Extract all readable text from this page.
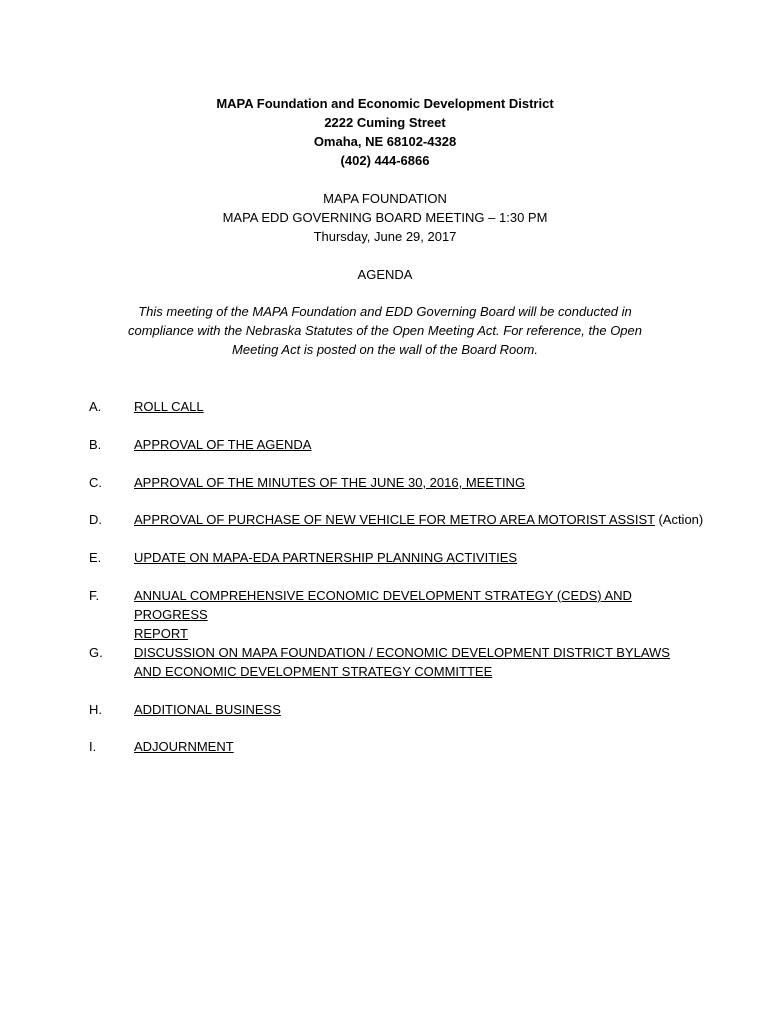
MAPA Foundation and Economic Development District
2222 Cuming Street
Omaha, NE 68102-4328
(402) 444-6866
MAPA FOUNDATION
MAPA EDD GOVERNING BOARD MEETING – 1:30 PM
Thursday, June 29, 2017
AGENDA
This meeting of the MAPA Foundation and EDD Governing Board will be conducted in
compliance with the Nebraska Statutes of the Open Meeting Act. For reference, the Open
Meeting Act is posted on the wall of the Board Room.
A.	ROLL CALL
B.	APPROVAL OF THE AGENDA
C. APPROVAL OF THE MINUTES OF THE JUNE 30, 2016, MEETING
D. APPROVAL OF PURCHASE OF NEW VEHICLE FOR METRO AREA MOTORIST ASSIST (Action)
E.	UPDATE ON MAPA-EDA PARTNERSHIP PLANNING ACTIVITIES
F.	ANNUAL COMPREHENSIVE ECONOMIC DEVELOPMENT STRATEGY (CEDS) AND PROGRESS
REPORT
G. DISCUSSION ON MAPA FOUNDATION / ECONOMIC DEVELOPMENT DISTRICT BYLAWS
AND ECONOMIC DEVELOPMENT STRATEGY COMMITTEE
H. ADDITIONAL BUSINESS
I.	ADJOURNMENT
